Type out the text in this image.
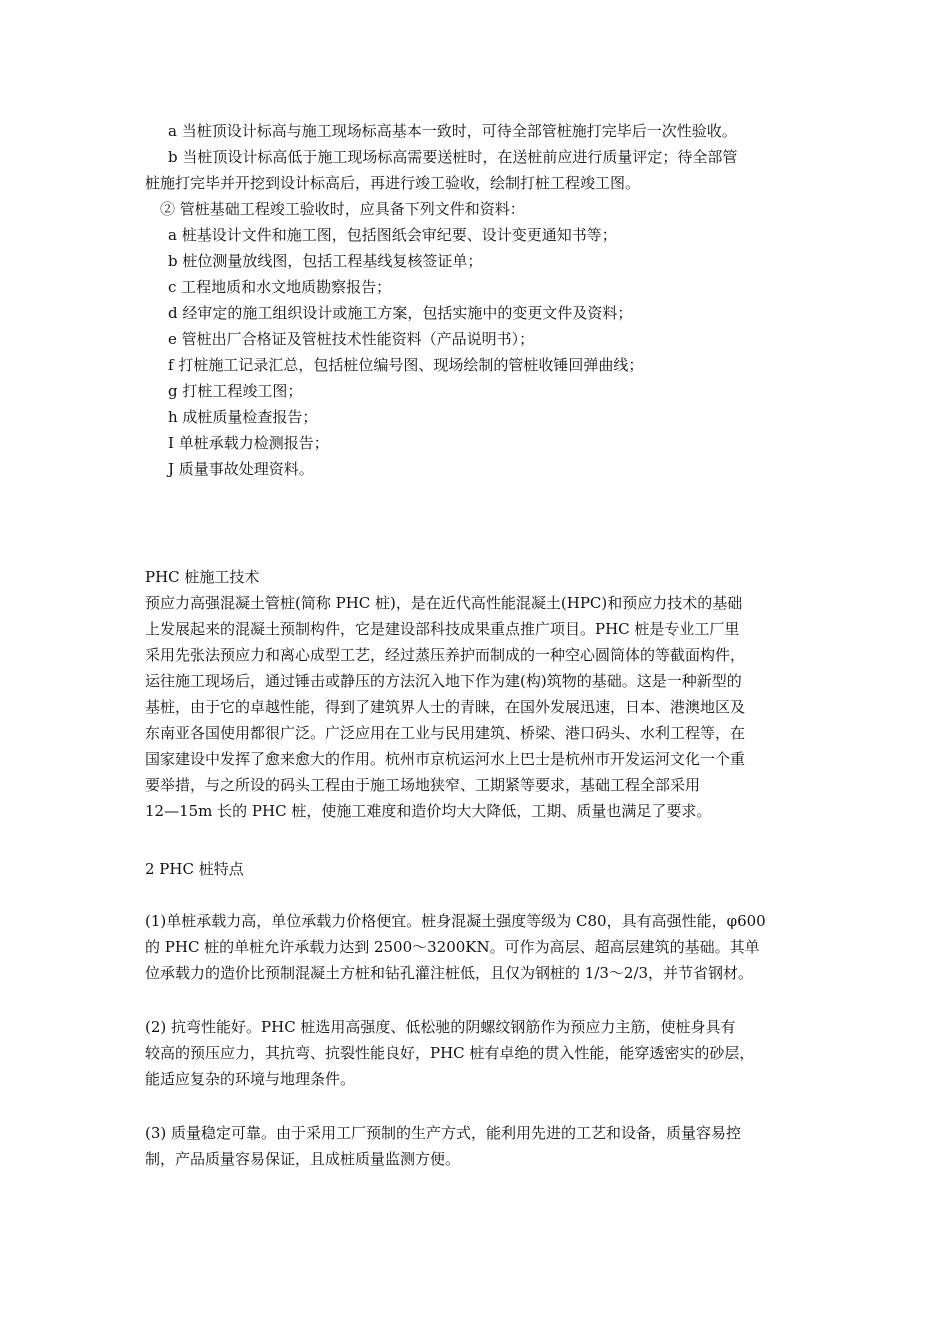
a 当桩顶设计标高与施工现场标高基本一致时，可待全部管桩施打完毕后一次性验收。
b 当桩顶设计标高低于施工现场标高需要送桩时，在送桩前应进行质量评定；待全部管
桩施打完毕并开挖到设计标高后，再进行竣工验收，绘制打桩工程竣工图。
② 管桩基础工程竣工验收时，应具备下列文件和资料：
a 桩基设计文件和施工图，包括图纸会审纪要、设计变更通知书等；
b 桩位测量放线图，包括工程基线复核签证单；
c 工程地质和水文地质勘察报告；
d 经审定的施工组织设计或施工方案，包括实施中的变更文件及资料；
e 管桩出厂合格证及管桩技术性能资料（产品说明书）；
f 打桩施工记录汇总，包括桩位编号图、现场绘制的管桩收锤回弹曲线；
g 打桩工程竣工图；
h 成桩质量检查报告；
I 单桩承载力检测报告；
J 质量事故处理资料。
PHC 桩施工技术
预应力高强混凝土管桩(简称 PHC 桩)，是在近代高性能混凝土(HPC)和预应力技术的基础
上发展起来的混凝土预制构件，它是建设部科技成果重点推广项目。PHC 桩是专业工厂里
采用先张法预应力和离心成型工艺，经过蒸压养护而制成的一种空心圆筒体的等截面构件，
运往施工现场后，通过锤击或静压的方法沉入地下作为建(构)筑物的基础。这是一种新型的
基桩，由于它的卓越性能，得到了建筑界人士的青睐，在国外发展迅速，日本、港澳地区及
东南亚各国使用都很广泛。广泛应用在工业与民用建筑、桥梁、港口码头、水利工程等，在
国家建设中发挥了愈来愈大的作用。杭州市京杭运河水上巴士是杭州市开发运河文化一个重
要举措，与之所设的码头工程由于施工场地狭窄、工期紧等要求，基础工程全部采用
12—15m 长的 PHC 桩，使施工难度和造价均大大降低，工期、质量也满足了要求。
2 PHC 桩特点
(1)单桩承载力高，单位承载力价格便宜。桩身混凝土强度等级为 C80，具有高强性能，φ600
的 PHC 桩的单桩允许承载力达到 2500～3200KN。可作为高层、超高层建筑的基础。其单
位承载力的造价比预制混凝土方桩和钻孔灌注桩低，且仅为钢桩的 1/3～2/3，并节省钢材。
(2) 抗弯性能好。PHC 桩选用高强度、低松驰的阴螺纹钢筋作为预应力主筋，使桩身具有
较高的预压应力，其抗弯、抗裂性能良好，PHC 桩有卓绝的贯入性能，能穿透密实的砂层，
能适应复杂的环境与地理条件。
(3) 质量稳定可靠。由于采用工厂预制的生产方式，能利用先进的工艺和设备，质量容易控
制，产品质量容易保证，且成桩质量监测方便。
